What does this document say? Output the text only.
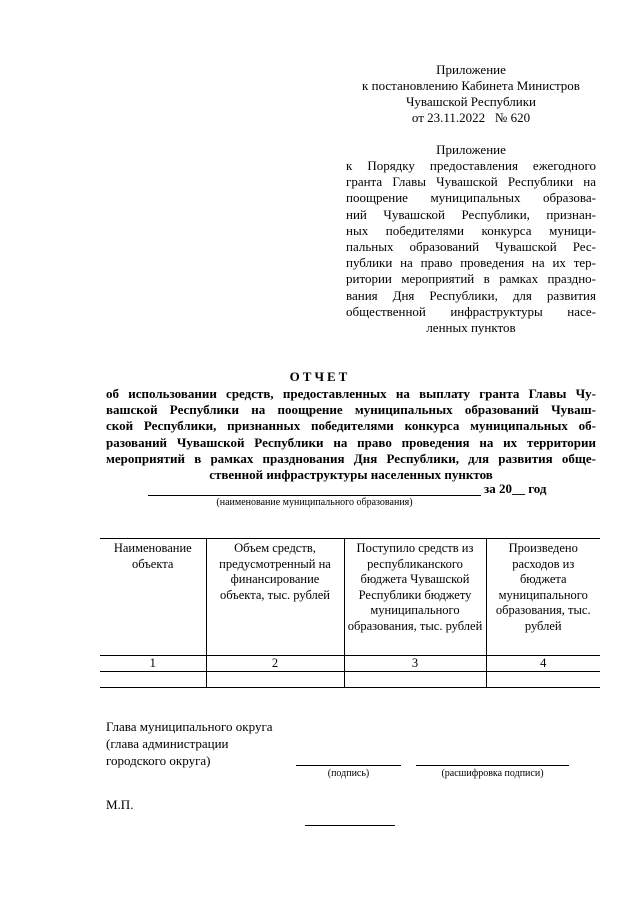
Приложение
к постановлению Кабинета Министров
Чувашской Республики
от 23.11.2022   № 620
Приложение
к Порядку предоставления ежегодного
гранта Главы Чувашской Республики на
поощрение муниципальных образова-
ний Чувашской Республики, признан-
ных победителями конкурса муници-
пальных образований Чувашской Рес-
публики на право проведения на их тер-
ритории мероприятий в рамках праздно-
вания Дня Республики, для развития
общественной инфраструктуры насе-
ленных пунктов
ОТЧЕТ
об использовании средств, предоставленных на выплату гранта Главы Чу-
вашской Республики на поощрение муниципальных образований Чуваш-
ской Республики, признанных победителями конкурса муниципальных об-
разований Чувашской Республики на право проведения на их территории
мероприятий в рамках празднования Дня Республики, для развития обще-
ственной инфраструктуры населенных пунктов
за 20__ год
(наименование муниципального образования)
Наименование объекта	Объем средств, предусмотренный на финансирование объекта, тыс. рублей	Поступило средств из республиканского бюджета Чувашской Республики бюджету муниципального образования, тыс. рублей	Произведено расходов из бюджета муниципального образования, тыс. рублей
1	2	3	4

Глава муниципального округа
(глава администрации
городского округа)
(подпись)	(расшифровка подписи)
М.П.
